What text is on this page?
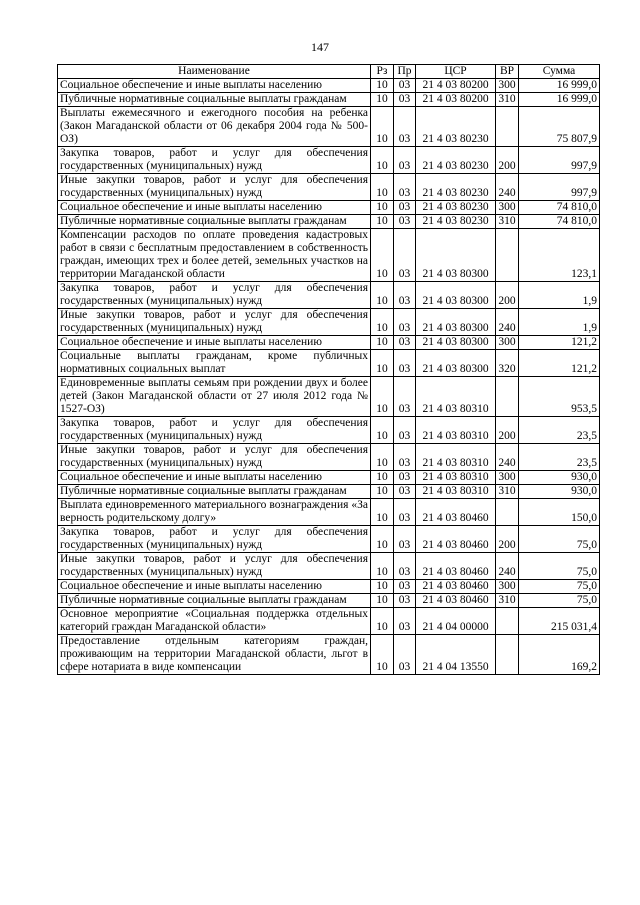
147
Наименование	Рз	Пр	ЦСР	ВР	Сумма
Социальное обеспечение и иные выплаты населению	10	03	21 4 03 80200	300	16 999,0
Публичные нормативные социальные выплаты гражданам	10	03	21 4 03 80200	310	16 999,0
Выплаты ежемесячного и ежегодного пособия на ребенка (Закон Магаданской области от 06 декабря 2004 года № 500-ОЗ)	10	03	21 4 03 80230		75 807,9
Закупка товаров, работ и услуг для обеспечения государственных (муниципальных) нужд	10	03	21 4 03 80230	200	997,9
Иные закупки товаров, работ и услуг для обеспечения государственных (муниципальных) нужд	10	03	21 4 03 80230	240	997,9
Социальное обеспечение и иные выплаты населению	10	03	21 4 03 80230	300	74 810,0
Публичные нормативные социальные выплаты гражданам	10	03	21 4 03 80230	310	74 810,0
Компенсации расходов по оплате проведения кадастровых работ в связи с бесплатным предоставлением в собственность граждан, имеющих трех и более детей, земельных участков на территории Магаданской области	10	03	21 4 03 80300		123,1
Закупка товаров, работ и услуг для обеспечения государственных (муниципальных) нужд	10	03	21 4 03 80300	200	1,9
Иные закупки товаров, работ и услуг для обеспечения государственных (муниципальных) нужд	10	03	21 4 03 80300	240	1,9
Социальное обеспечение и иные выплаты населению	10	03	21 4 03 80300	300	121,2
Социальные выплаты гражданам, кроме публичных нормативных социальных выплат	10	03	21 4 03 80300	320	121,2
Единовременные выплаты семьям при рождении двух и более детей (Закон Магаданской области от 27 июля 2012 года № 1527-ОЗ)	10	03	21 4 03 80310		953,5
Закупка товаров, работ и услуг для обеспечения государственных (муниципальных) нужд	10	03	21 4 03 80310	200	23,5
Иные закупки товаров, работ и услуг для обеспечения государственных (муниципальных) нужд	10	03	21 4 03 80310	240	23,5
Социальное обеспечение и иные выплаты населению	10	03	21 4 03 80310	300	930,0
Публичные нормативные социальные выплаты гражданам	10	03	21 4 03 80310	310	930,0
Выплата единовременного материального вознаграждения «За верность родительскому долгу»	10	03	21 4 03 80460		150,0
Закупка товаров, работ и услуг для обеспечения государственных (муниципальных) нужд	10	03	21 4 03 80460	200	75,0
Иные закупки товаров, работ и услуг для обеспечения государственных (муниципальных) нужд	10	03	21 4 03 80460	240	75,0
Социальное обеспечение и иные выплаты населению	10	03	21 4 03 80460	300	75,0
Публичные нормативные социальные выплаты гражданам	10	03	21 4 03 80460	310	75,0
Основное мероприятие «Социальная поддержка отдельных категорий граждан Магаданской области»	10	03	21 4 04 00000		215 031,4
Предоставление отдельным категориям граждан, проживающим на территории Магаданской области, льгот в сфере нотариата в виде компенсации	10	03	21 4 04 13550		169,2
